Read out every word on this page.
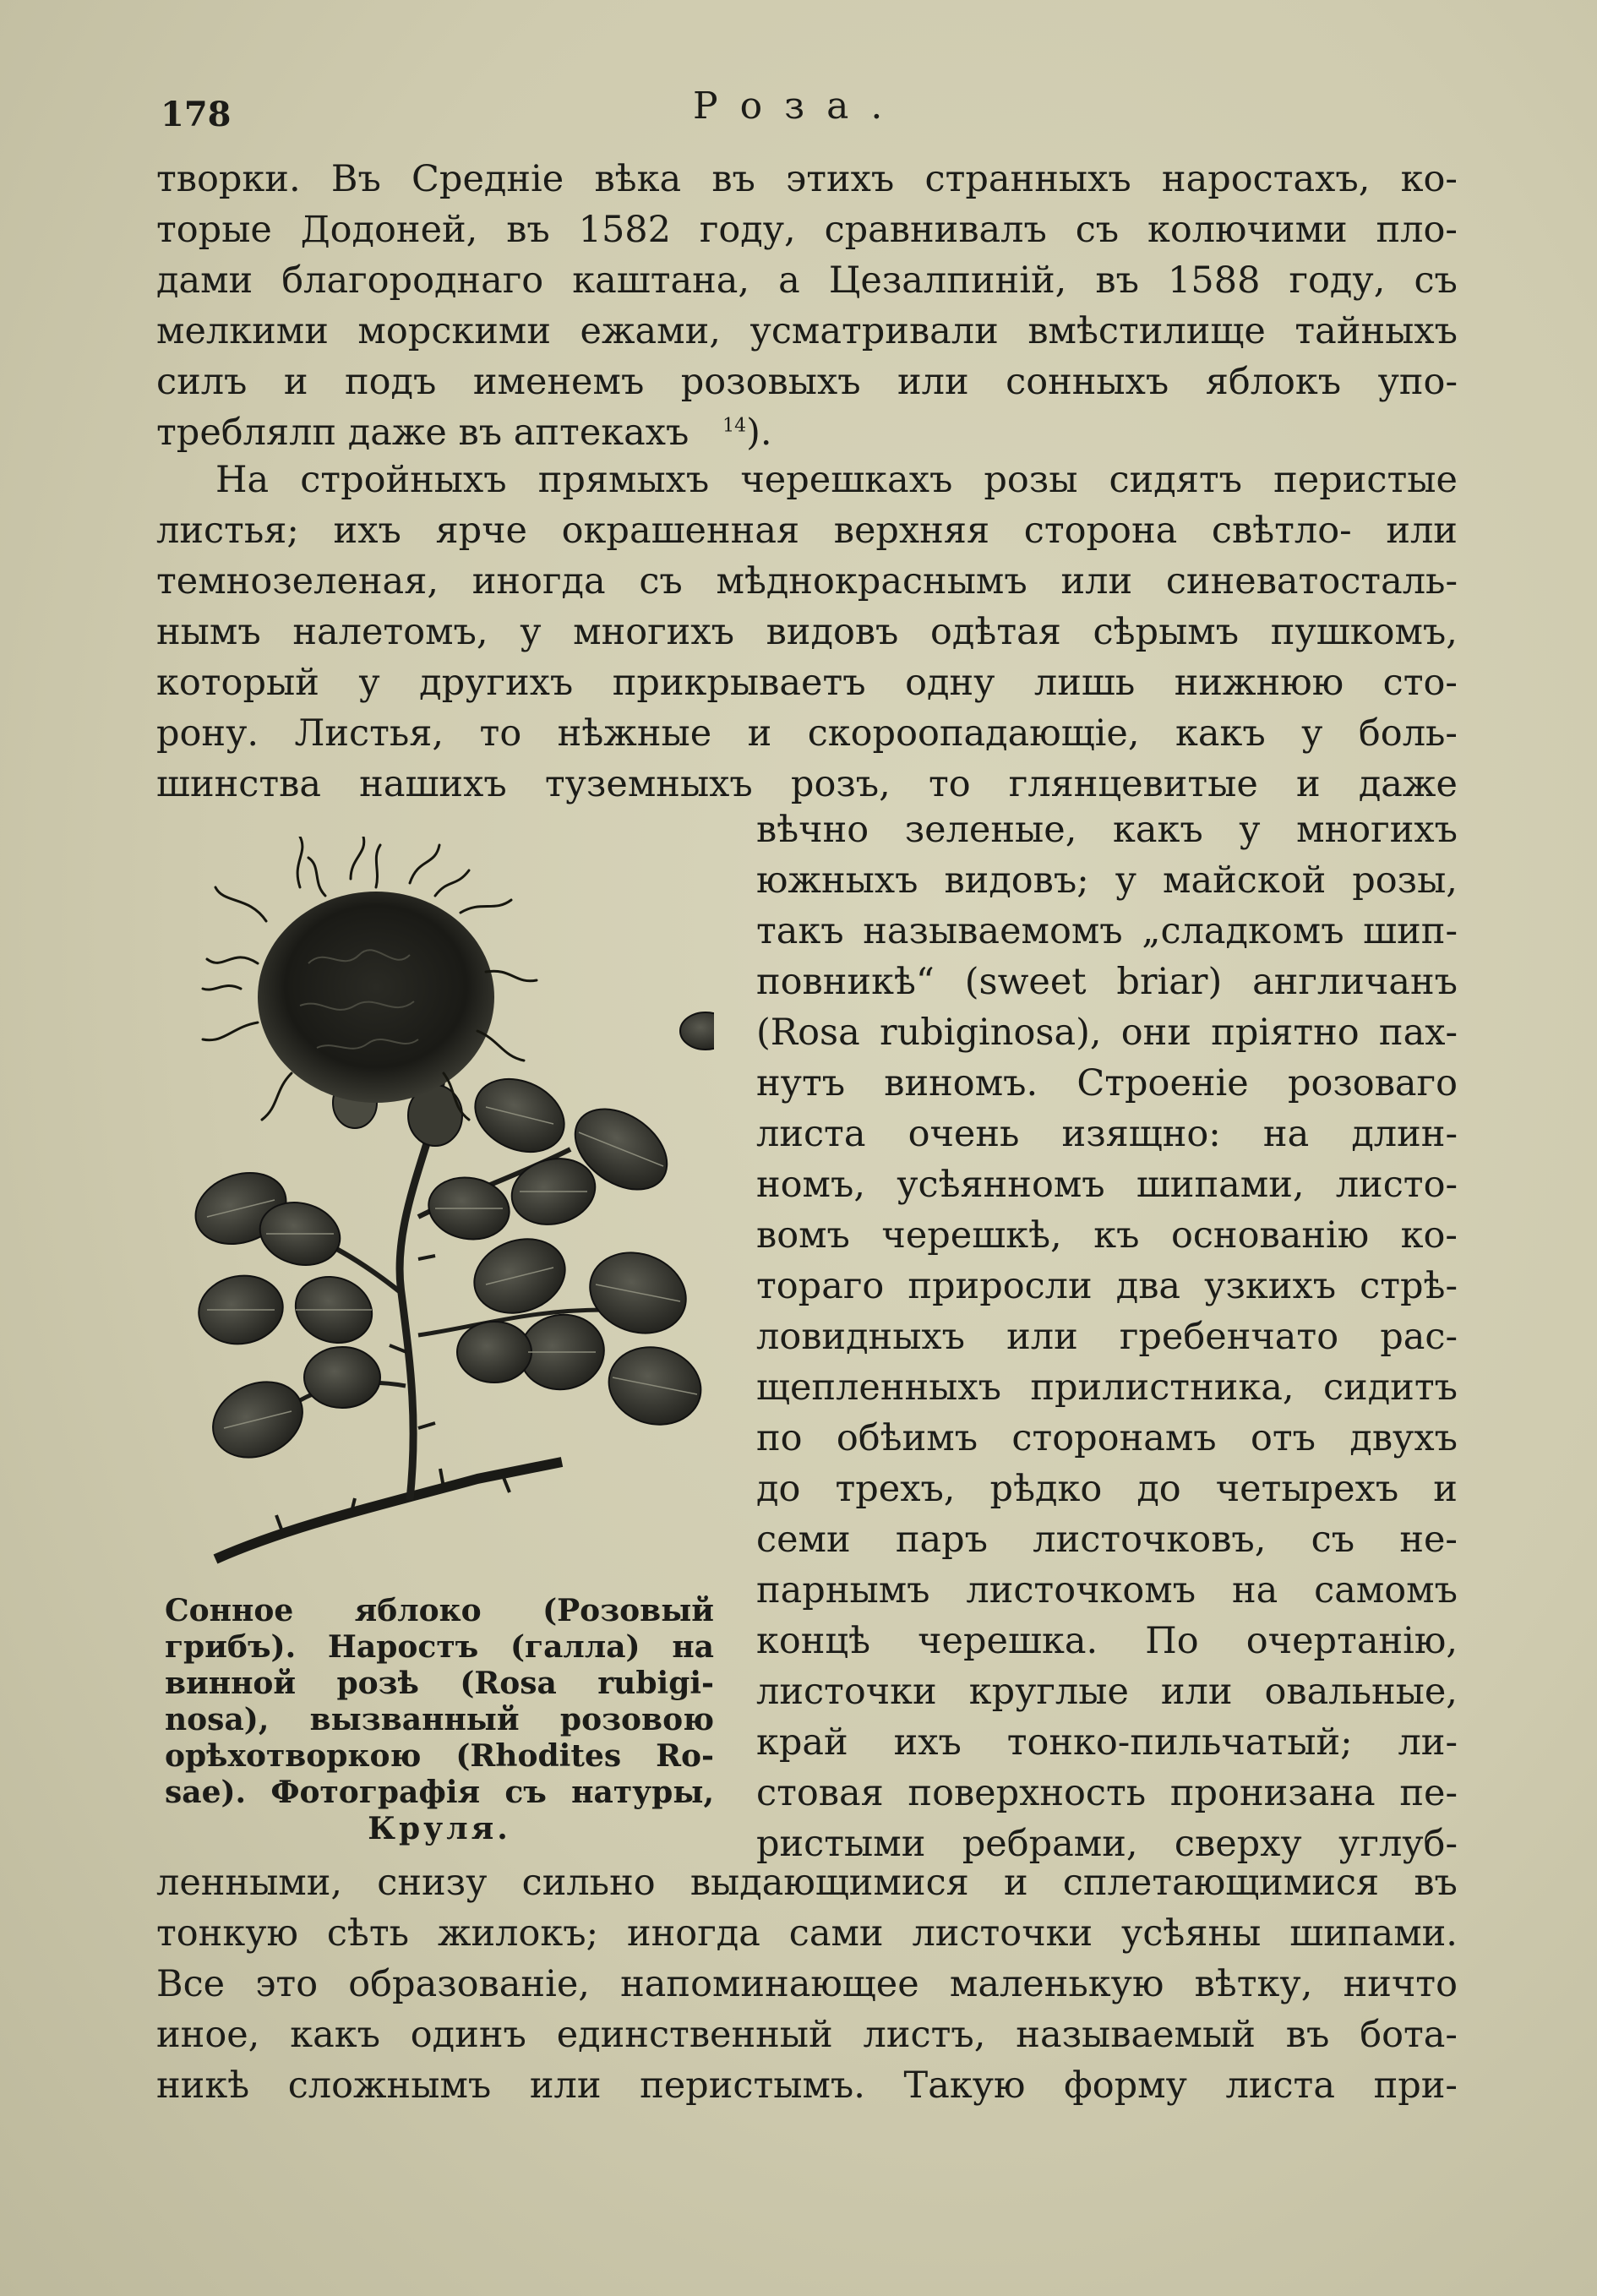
178	Роза.
творки. Въ Средніе вѣка въ этихъ странныхъ наростахъ, ко-
торые Додоней, въ 1582 году, сравнивалъ съ колючими пло-
дами благороднаго каштана, а Цезалпиній, въ 1588 году, съ
мелкими морскими ежами, усматривали вмѣстилище тайныхъ
силъ и подъ именемъ розовыхъ или сонныхъ яблокъ упо-
треблялп даже въ аптекахъ $^{14}$).
На стройныхъ прямыхъ черешкахъ розы сидятъ перистые
листья; ихъ ярче окрашенная верхняя сторона свѣтло- или
темнозеленая, иногда съ мѣднокраснымъ или синеватосталь-
нымъ налетомъ, у многихъ видовъ одѣтая сѣрымъ пушкомъ,
который у другихъ прикрываетъ одну лишь нижнюю сто-
рону. Листья, то нѣжные и скороопадающіе, какъ у боль-
шинства нашихъ туземныхъ розъ, то глянцевитые и даже
вѣчно зеленые, какъ у многихъ
южныхъ видовъ; у майской розы,
такъ называемомъ „сладкомъ шип-
повникѣ“ (sweet briar) англичанъ
(Rosa rubiginosa), они пріятно пах-
нутъ виномъ. Строеніе розоваго
листа очень изящно: на длин-
номъ, усѣянномъ шипами, листо-
вомъ черешкѣ, къ основанію ко-
тораго приросли два узкихъ стрѣ-
ловидныхъ или гребенчато рас-
щепленныхъ прилистника, сидитъ
по обѣимъ сторонамъ отъ двухъ
до трехъ, рѣдко до четырехъ и
семи паръ листочковъ, съ не-
парнымъ листочкомъ на самомъ
концѣ черешка. По очертанію,
листочки круглые или овальные,
край ихъ тонко-пильчатый; ли-
стовая поверхность пронизана пе-
ристыми ребрами, сверху углуб-
Сонное яблоко (Розовый
грибъ). Наростъ (галла) на
винной розѣ (Rosa rubigi-
nosa), вызванный розовою
орѣхотворкою (Rhodites Ro-
sae). Фотографія съ натуры,
Круля.
ленными, снизу сильно выдающимися и сплетающимися въ
тонкую сѣть жилокъ; иногда сами листочки усѣяны шипами.
Все это образованіе, напоминающее маленькую вѣтку, ничто
иное, какъ одинъ единственный листъ, называемый въ бота-
никѣ сложнымъ или перистымъ. Такую форму листа при-
